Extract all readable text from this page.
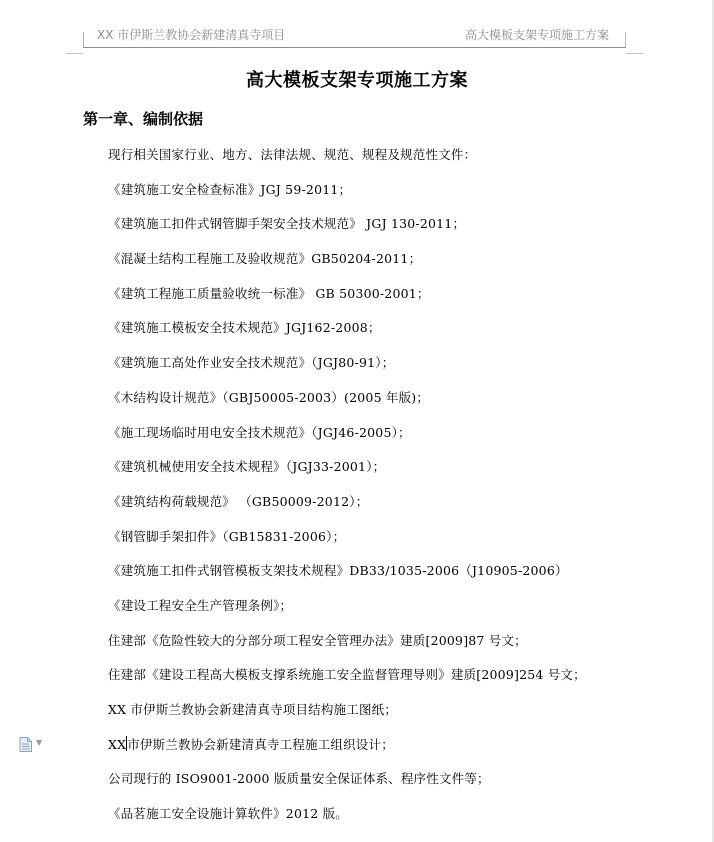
XX 市伊斯兰教协会新建清真寺项目	高大模板支架专项施工方案
高大模板支架专项施工方案
第一章、编制依据
现行相关国家行业、地方、法律法规、规范、规程及规范性文件：
《建筑施工安全检查标准》JGJ 59-2011；
《建筑施工扣件式钢管脚手架安全技术规范》 JGJ 130-2011；
《混凝土结构工程施工及验收规范》GB50204-2011；
《建筑工程施工质量验收统一标准》 GB 50300-2001；
《建筑施工模板安全技术规范》JGJ162-2008；
《建筑施工高处作业安全技术规范》（JGJ80-91）；
《木结构设计规范》（GBJ50005-2003）(2005 年版)；
《施工现场临时用电安全技术规范》（JGJ46-2005）；
《建筑机械使用安全技术规程》（JGJ33-2001）；
《建筑结构荷载规范》 （GB50009-2012）；
《钢管脚手架扣件》（GB15831-2006）；
《建筑施工扣件式钢管模板支架技术规程》DB33/1035-2006（J10905-2006）
《建设工程安全生产管理条例》；
住建部《危险性较大的分部分项工程安全管理办法》建质[2009]87 号文；
住建部《建设工程高大模板支撑系统施工安全监督管理导则》建质[2009]254 号文；
XX 市伊斯兰教协会新建清真寺项目结构施工图纸；
XX市伊斯兰教协会新建清真寺工程施工组织设计；
公司现行的 ISO9001-2000 版质量安全保证体系、程序性文件等；
《品茗施工安全设施计算软件》2012 版。
▼
